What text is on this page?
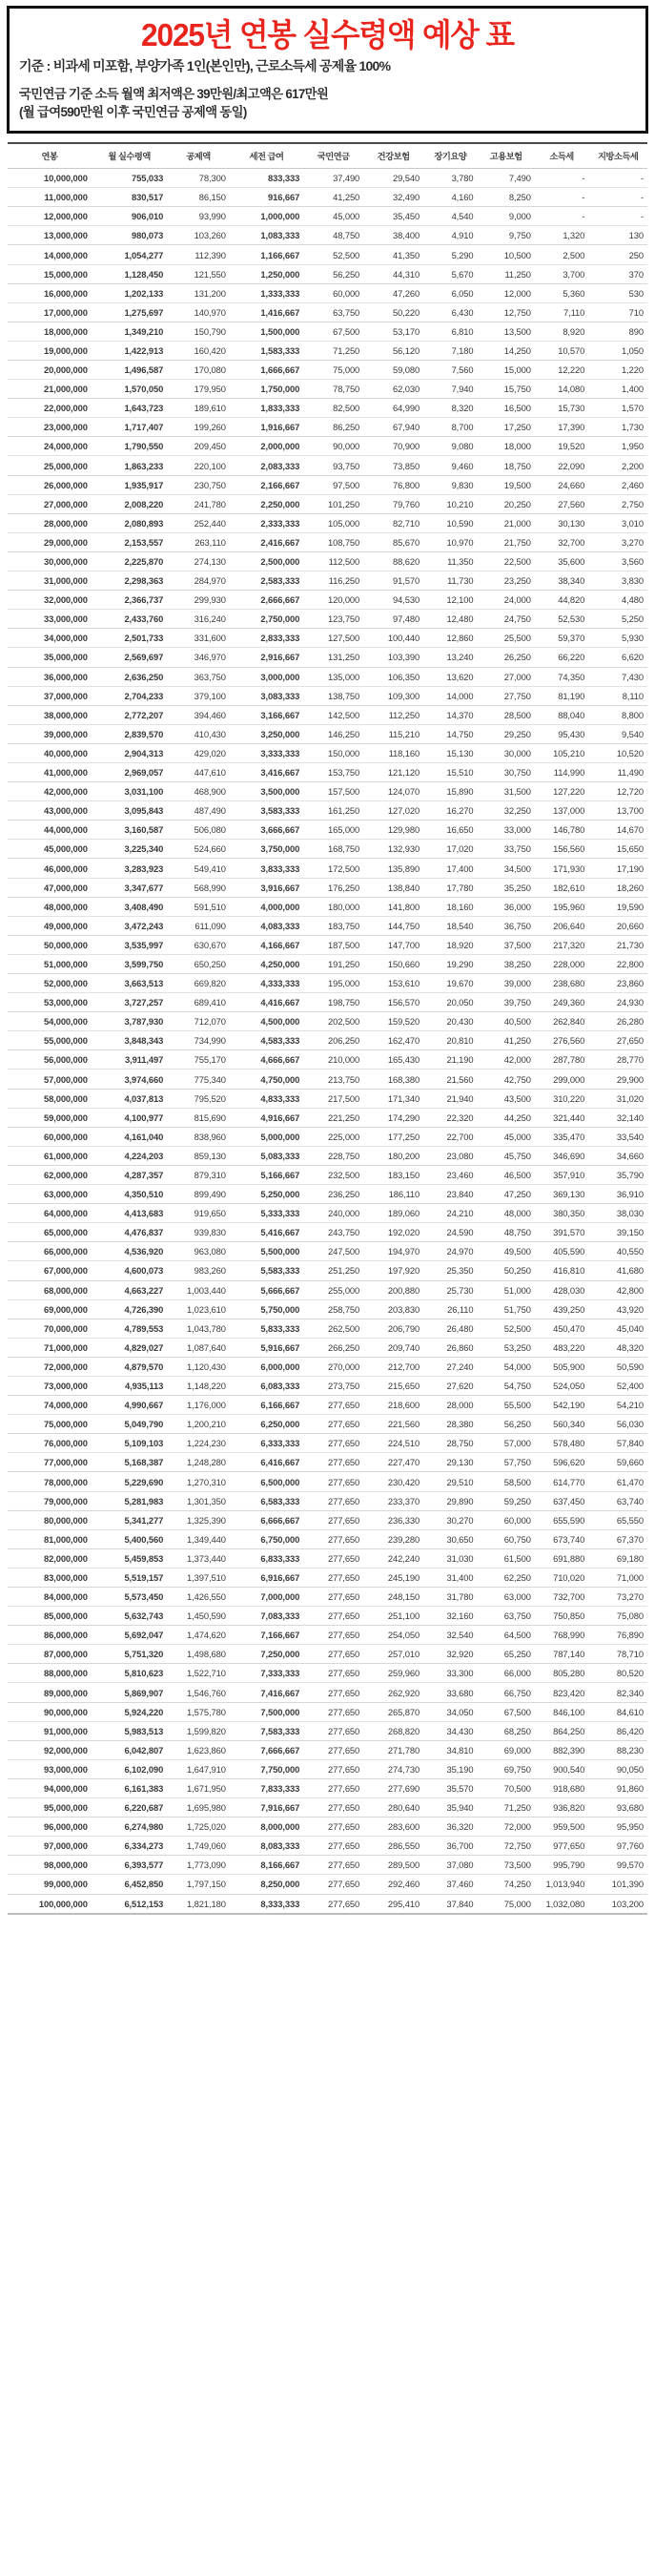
2025년 연봉 실수령액 예상 표
기준 : 비과세 미포함, 부양가족 1인(본인만), 근로소득세 공제율 100%
국민연금 기준 소득 월액 최저액은 39만원/최고액은 617만원
(월 급여590만원 이후 국민연금 공제액 동일)
연봉	월 실수령액	공제액	세전 급여	국민연금	건강보험	장기요양	고용보험	소득세	지방소득세
10,000,000	755,033	78,300	833,333	37,490	29,540	3,780	7,490	-	-
11,000,000	830,517	86,150	916,667	41,250	32,490	4,160	8,250	-	-
12,000,000	906,010	93,990	1,000,000	45,000	35,450	4,540	9,000	-	-
13,000,000	980,073	103,260	1,083,333	48,750	38,400	4,910	9,750	1,320	130
14,000,000	1,054,277	112,390	1,166,667	52,500	41,350	5,290	10,500	2,500	250
15,000,000	1,128,450	121,550	1,250,000	56,250	44,310	5,670	11,250	3,700	370
16,000,000	1,202,133	131,200	1,333,333	60,000	47,260	6,050	12,000	5,360	530
17,000,000	1,275,697	140,970	1,416,667	63,750	50,220	6,430	12,750	7,110	710
18,000,000	1,349,210	150,790	1,500,000	67,500	53,170	6,810	13,500	8,920	890
19,000,000	1,422,913	160,420	1,583,333	71,250	56,120	7,180	14,250	10,570	1,050
20,000,000	1,496,587	170,080	1,666,667	75,000	59,080	7,560	15,000	12,220	1,220
21,000,000	1,570,050	179,950	1,750,000	78,750	62,030	7,940	15,750	14,080	1,400
22,000,000	1,643,723	189,610	1,833,333	82,500	64,990	8,320	16,500	15,730	1,570
23,000,000	1,717,407	199,260	1,916,667	86,250	67,940	8,700	17,250	17,390	1,730
24,000,000	1,790,550	209,450	2,000,000	90,000	70,900	9,080	18,000	19,520	1,950
25,000,000	1,863,233	220,100	2,083,333	93,750	73,850	9,460	18,750	22,090	2,200
26,000,000	1,935,917	230,750	2,166,667	97,500	76,800	9,830	19,500	24,660	2,460
27,000,000	2,008,220	241,780	2,250,000	101,250	79,760	10,210	20,250	27,560	2,750
28,000,000	2,080,893	252,440	2,333,333	105,000	82,710	10,590	21,000	30,130	3,010
29,000,000	2,153,557	263,110	2,416,667	108,750	85,670	10,970	21,750	32,700	3,270
30,000,000	2,225,870	274,130	2,500,000	112,500	88,620	11,350	22,500	35,600	3,560
31,000,000	2,298,363	284,970	2,583,333	116,250	91,570	11,730	23,250	38,340	3,830
32,000,000	2,366,737	299,930	2,666,667	120,000	94,530	12,100	24,000	44,820	4,480
33,000,000	2,433,760	316,240	2,750,000	123,750	97,480	12,480	24,750	52,530	5,250
34,000,000	2,501,733	331,600	2,833,333	127,500	100,440	12,860	25,500	59,370	5,930
35,000,000	2,569,697	346,970	2,916,667	131,250	103,390	13,240	26,250	66,220	6,620
36,000,000	2,636,250	363,750	3,000,000	135,000	106,350	13,620	27,000	74,350	7,430
37,000,000	2,704,233	379,100	3,083,333	138,750	109,300	14,000	27,750	81,190	8,110
38,000,000	2,772,207	394,460	3,166,667	142,500	112,250	14,370	28,500	88,040	8,800
39,000,000	2,839,570	410,430	3,250,000	146,250	115,210	14,750	29,250	95,430	9,540
40,000,000	2,904,313	429,020	3,333,333	150,000	118,160	15,130	30,000	105,210	10,520
41,000,000	2,969,057	447,610	3,416,667	153,750	121,120	15,510	30,750	114,990	11,490
42,000,000	3,031,100	468,900	3,500,000	157,500	124,070	15,890	31,500	127,220	12,720
43,000,000	3,095,843	487,490	3,583,333	161,250	127,020	16,270	32,250	137,000	13,700
44,000,000	3,160,587	506,080	3,666,667	165,000	129,980	16,650	33,000	146,780	14,670
45,000,000	3,225,340	524,660	3,750,000	168,750	132,930	17,020	33,750	156,560	15,650
46,000,000	3,283,923	549,410	3,833,333	172,500	135,890	17,400	34,500	171,930	17,190
47,000,000	3,347,677	568,990	3,916,667	176,250	138,840	17,780	35,250	182,610	18,260
48,000,000	3,408,490	591,510	4,000,000	180,000	141,800	18,160	36,000	195,960	19,590
49,000,000	3,472,243	611,090	4,083,333	183,750	144,750	18,540	36,750	206,640	20,660
50,000,000	3,535,997	630,670	4,166,667	187,500	147,700	18,920	37,500	217,320	21,730
51,000,000	3,599,750	650,250	4,250,000	191,250	150,660	19,290	38,250	228,000	22,800
52,000,000	3,663,513	669,820	4,333,333	195,000	153,610	19,670	39,000	238,680	23,860
53,000,000	3,727,257	689,410	4,416,667	198,750	156,570	20,050	39,750	249,360	24,930
54,000,000	3,787,930	712,070	4,500,000	202,500	159,520	20,430	40,500	262,840	26,280
55,000,000	3,848,343	734,990	4,583,333	206,250	162,470	20,810	41,250	276,560	27,650
56,000,000	3,911,497	755,170	4,666,667	210,000	165,430	21,190	42,000	287,780	28,770
57,000,000	3,974,660	775,340	4,750,000	213,750	168,380	21,560	42,750	299,000	29,900
58,000,000	4,037,813	795,520	4,833,333	217,500	171,340	21,940	43,500	310,220	31,020
59,000,000	4,100,977	815,690	4,916,667	221,250	174,290	22,320	44,250	321,440	32,140
60,000,000	4,161,040	838,960	5,000,000	225,000	177,250	22,700	45,000	335,470	33,540
61,000,000	4,224,203	859,130	5,083,333	228,750	180,200	23,080	45,750	346,690	34,660
62,000,000	4,287,357	879,310	5,166,667	232,500	183,150	23,460	46,500	357,910	35,790
63,000,000	4,350,510	899,490	5,250,000	236,250	186,110	23,840	47,250	369,130	36,910
64,000,000	4,413,683	919,650	5,333,333	240,000	189,060	24,210	48,000	380,350	38,030
65,000,000	4,476,837	939,830	5,416,667	243,750	192,020	24,590	48,750	391,570	39,150
66,000,000	4,536,920	963,080	5,500,000	247,500	194,970	24,970	49,500	405,590	40,550
67,000,000	4,600,073	983,260	5,583,333	251,250	197,920	25,350	50,250	416,810	41,680
68,000,000	4,663,227	1,003,440	5,666,667	255,000	200,880	25,730	51,000	428,030	42,800
69,000,000	4,726,390	1,023,610	5,750,000	258,750	203,830	26,110	51,750	439,250	43,920
70,000,000	4,789,553	1,043,780	5,833,333	262,500	206,790	26,480	52,500	450,470	45,040
71,000,000	4,829,027	1,087,640	5,916,667	266,250	209,740	26,860	53,250	483,220	48,320
72,000,000	4,879,570	1,120,430	6,000,000	270,000	212,700	27,240	54,000	505,900	50,590
73,000,000	4,935,113	1,148,220	6,083,333	273,750	215,650	27,620	54,750	524,050	52,400
74,000,000	4,990,667	1,176,000	6,166,667	277,650	218,600	28,000	55,500	542,190	54,210
75,000,000	5,049,790	1,200,210	6,250,000	277,650	221,560	28,380	56,250	560,340	56,030
76,000,000	5,109,103	1,224,230	6,333,333	277,650	224,510	28,750	57,000	578,480	57,840
77,000,000	5,168,387	1,248,280	6,416,667	277,650	227,470	29,130	57,750	596,620	59,660
78,000,000	5,229,690	1,270,310	6,500,000	277,650	230,420	29,510	58,500	614,770	61,470
79,000,000	5,281,983	1,301,350	6,583,333	277,650	233,370	29,890	59,250	637,450	63,740
80,000,000	5,341,277	1,325,390	6,666,667	277,650	236,330	30,270	60,000	655,590	65,550
81,000,000	5,400,560	1,349,440	6,750,000	277,650	239,280	30,650	60,750	673,740	67,370
82,000,000	5,459,853	1,373,440	6,833,333	277,650	242,240	31,030	61,500	691,880	69,180
83,000,000	5,519,157	1,397,510	6,916,667	277,650	245,190	31,400	62,250	710,020	71,000
84,000,000	5,573,450	1,426,550	7,000,000	277,650	248,150	31,780	63,000	732,700	73,270
85,000,000	5,632,743	1,450,590	7,083,333	277,650	251,100	32,160	63,750	750,850	75,080
86,000,000	5,692,047	1,474,620	7,166,667	277,650	254,050	32,540	64,500	768,990	76,890
87,000,000	5,751,320	1,498,680	7,250,000	277,650	257,010	32,920	65,250	787,140	78,710
88,000,000	5,810,623	1,522,710	7,333,333	277,650	259,960	33,300	66,000	805,280	80,520
89,000,000	5,869,907	1,546,760	7,416,667	277,650	262,920	33,680	66,750	823,420	82,340
90,000,000	5,924,220	1,575,780	7,500,000	277,650	265,870	34,050	67,500	846,100	84,610
91,000,000	5,983,513	1,599,820	7,583,333	277,650	268,820	34,430	68,250	864,250	86,420
92,000,000	6,042,807	1,623,860	7,666,667	277,650	271,780	34,810	69,000	882,390	88,230
93,000,000	6,102,090	1,647,910	7,750,000	277,650	274,730	35,190	69,750	900,540	90,050
94,000,000	6,161,383	1,671,950	7,833,333	277,650	277,690	35,570	70,500	918,680	91,860
95,000,000	6,220,687	1,695,980	7,916,667	277,650	280,640	35,940	71,250	936,820	93,680
96,000,000	6,274,980	1,725,020	8,000,000	277,650	283,600	36,320	72,000	959,500	95,950
97,000,000	6,334,273	1,749,060	8,083,333	277,650	286,550	36,700	72,750	977,650	97,760
98,000,000	6,393,577	1,773,090	8,166,667	277,650	289,500	37,080	73,500	995,790	99,570
99,000,000	6,452,850	1,797,150	8,250,000	277,650	292,460	37,460	74,250	1,013,940	101,390
100,000,000	6,512,153	1,821,180	8,333,333	277,650	295,410	37,840	75,000	1,032,080	103,200
